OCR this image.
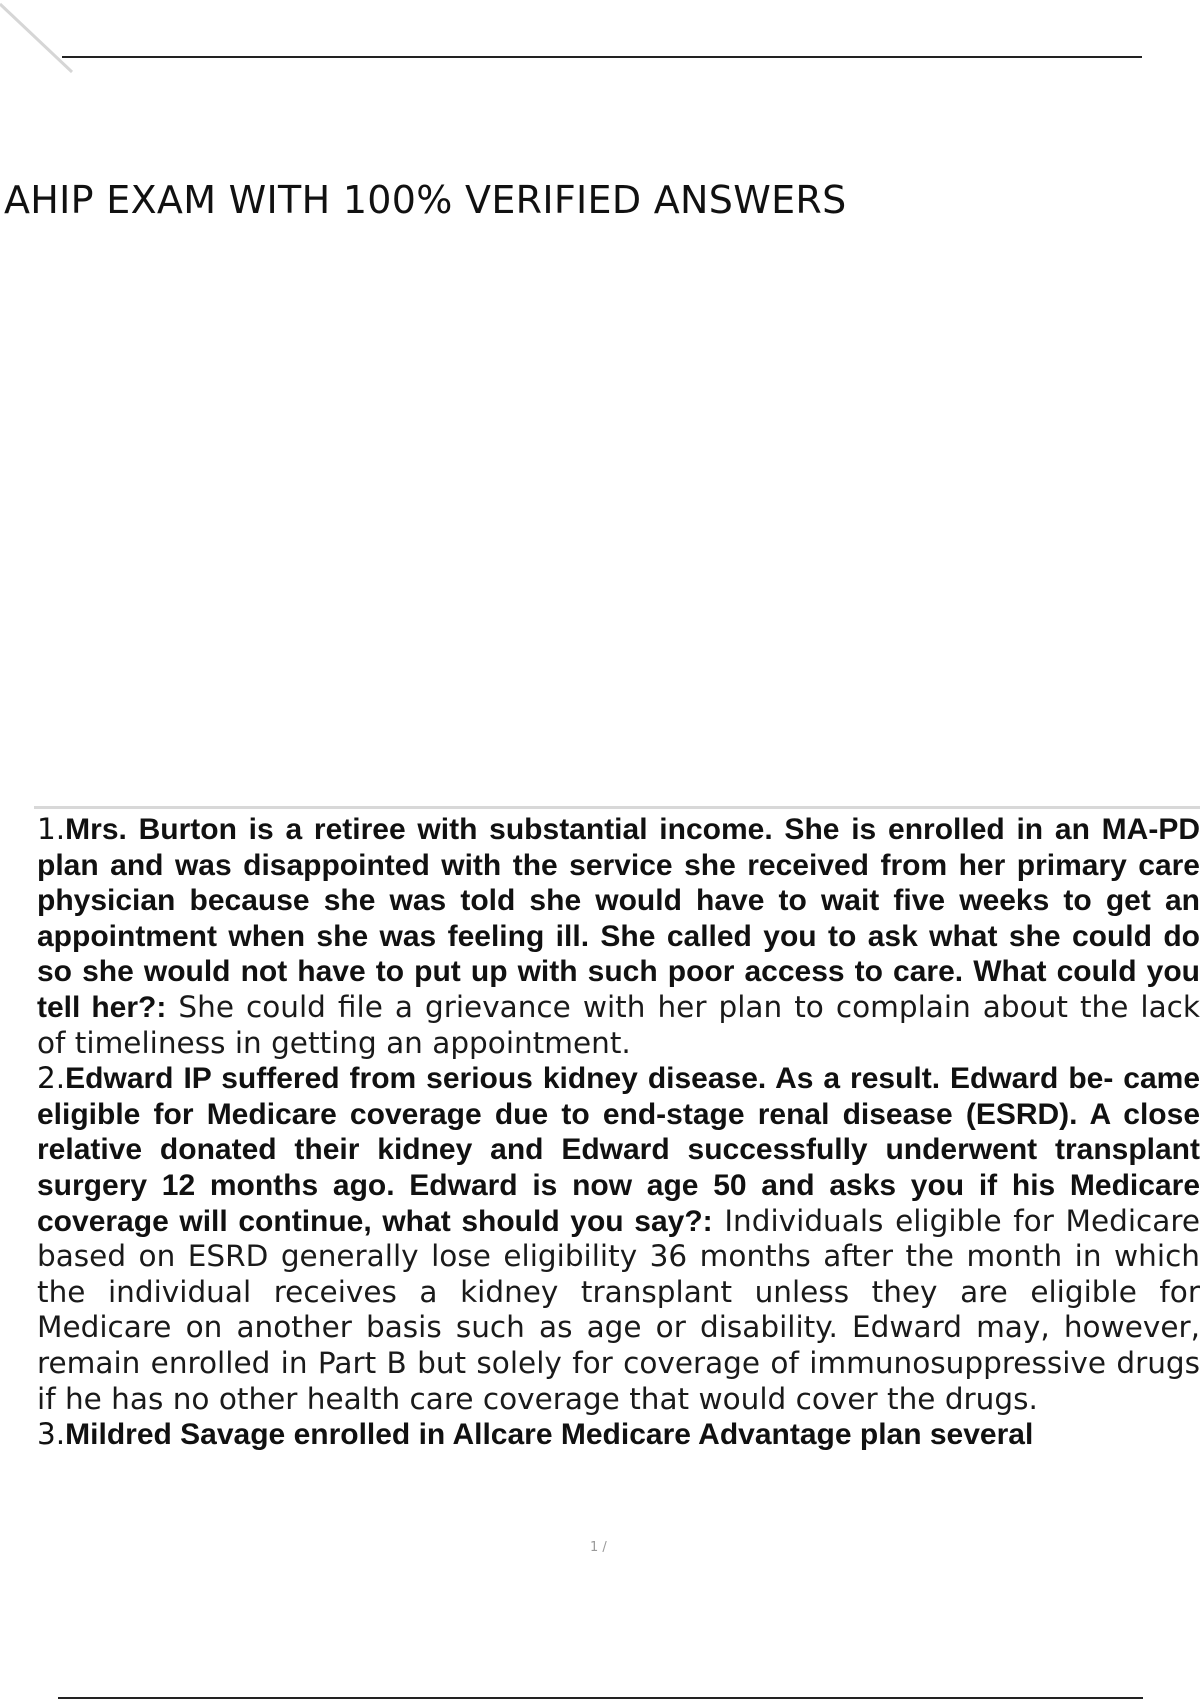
AHIP EXAM WITH 100% VERIFIED ANSWERS
1.Mrs. Burton is a retiree with substantial income. She is enrolled in an MA-PD plan and was disappointed with the service she received from her primary care physician because she was told she would have to wait five weeks to get an appointment when she was feeling ill. She called you to ask what she could do so she would not have to put up with such poor access to care. What could you tell her?: She could file a grievance with her plan to complain about the lack of timeliness in getting an appointment.
2.Edward IP suffered from serious kidney disease. As a result. Edward be- came eligible for Medicare coverage due to end-stage renal disease (ESRD). A close relative donated their kidney and Edward successfully underwent transplant surgery 12 months ago. Edward is now age 50 and asks you if his Medicare coverage will continue, what should you say?: Individuals eligible for Medicare based on ESRD generally lose eligibility 36 months after the month in which the individual receives a kidney transplant unless they are eligible for Medicare on another basis such as age or disability. Edward may, however, remain enrolled in Part B but solely for coverage of immunosuppressive drugs if he has no other health care coverage that would cover the drugs.
3.Mildred Savage enrolled in Allcare Medicare Advantage plan several
1 /
